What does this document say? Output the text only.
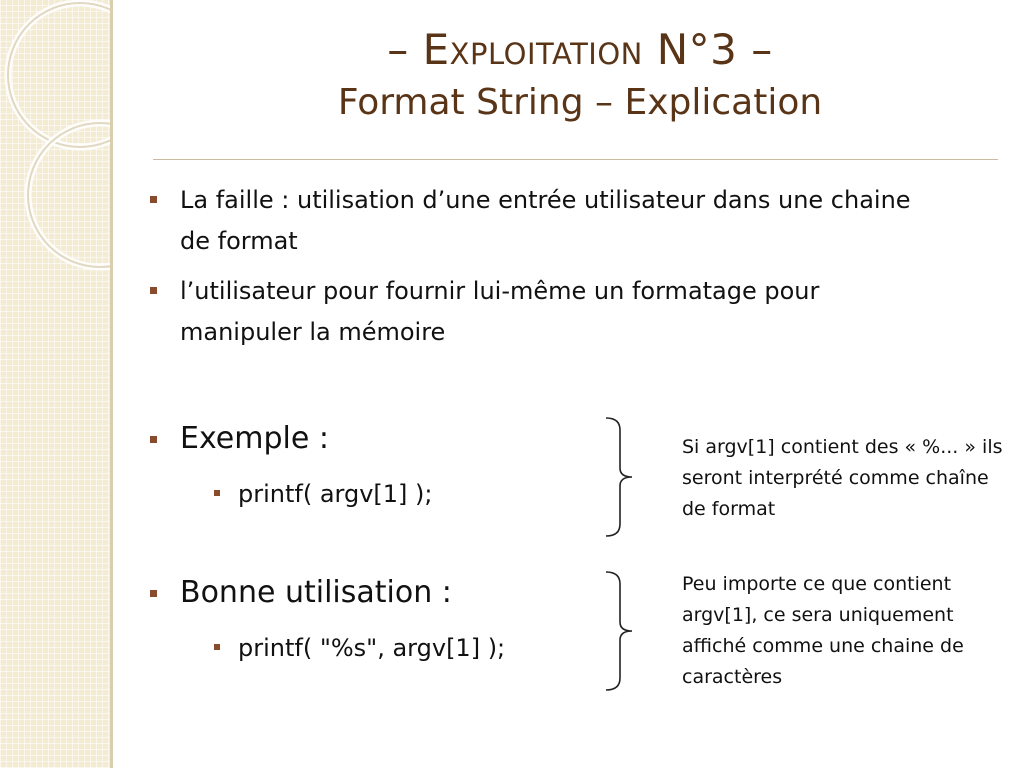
– Exploitation N°3 –
Format String – Explication
La faille : utilisation d’une entrée utilisateur dans une chaine de format
l’utilisateur pour fournir lui-même un formatage pour manipuler la mémoire
Exemple :
printf( argv[1] );
Bonne utilisation :
printf( "%s", argv[1] );
Si argv[1] contient des « %... » ils seront interprété comme chaîne de format
Peu importe ce que contient argv[1], ce sera uniquement affiché comme une chaine de caractères
